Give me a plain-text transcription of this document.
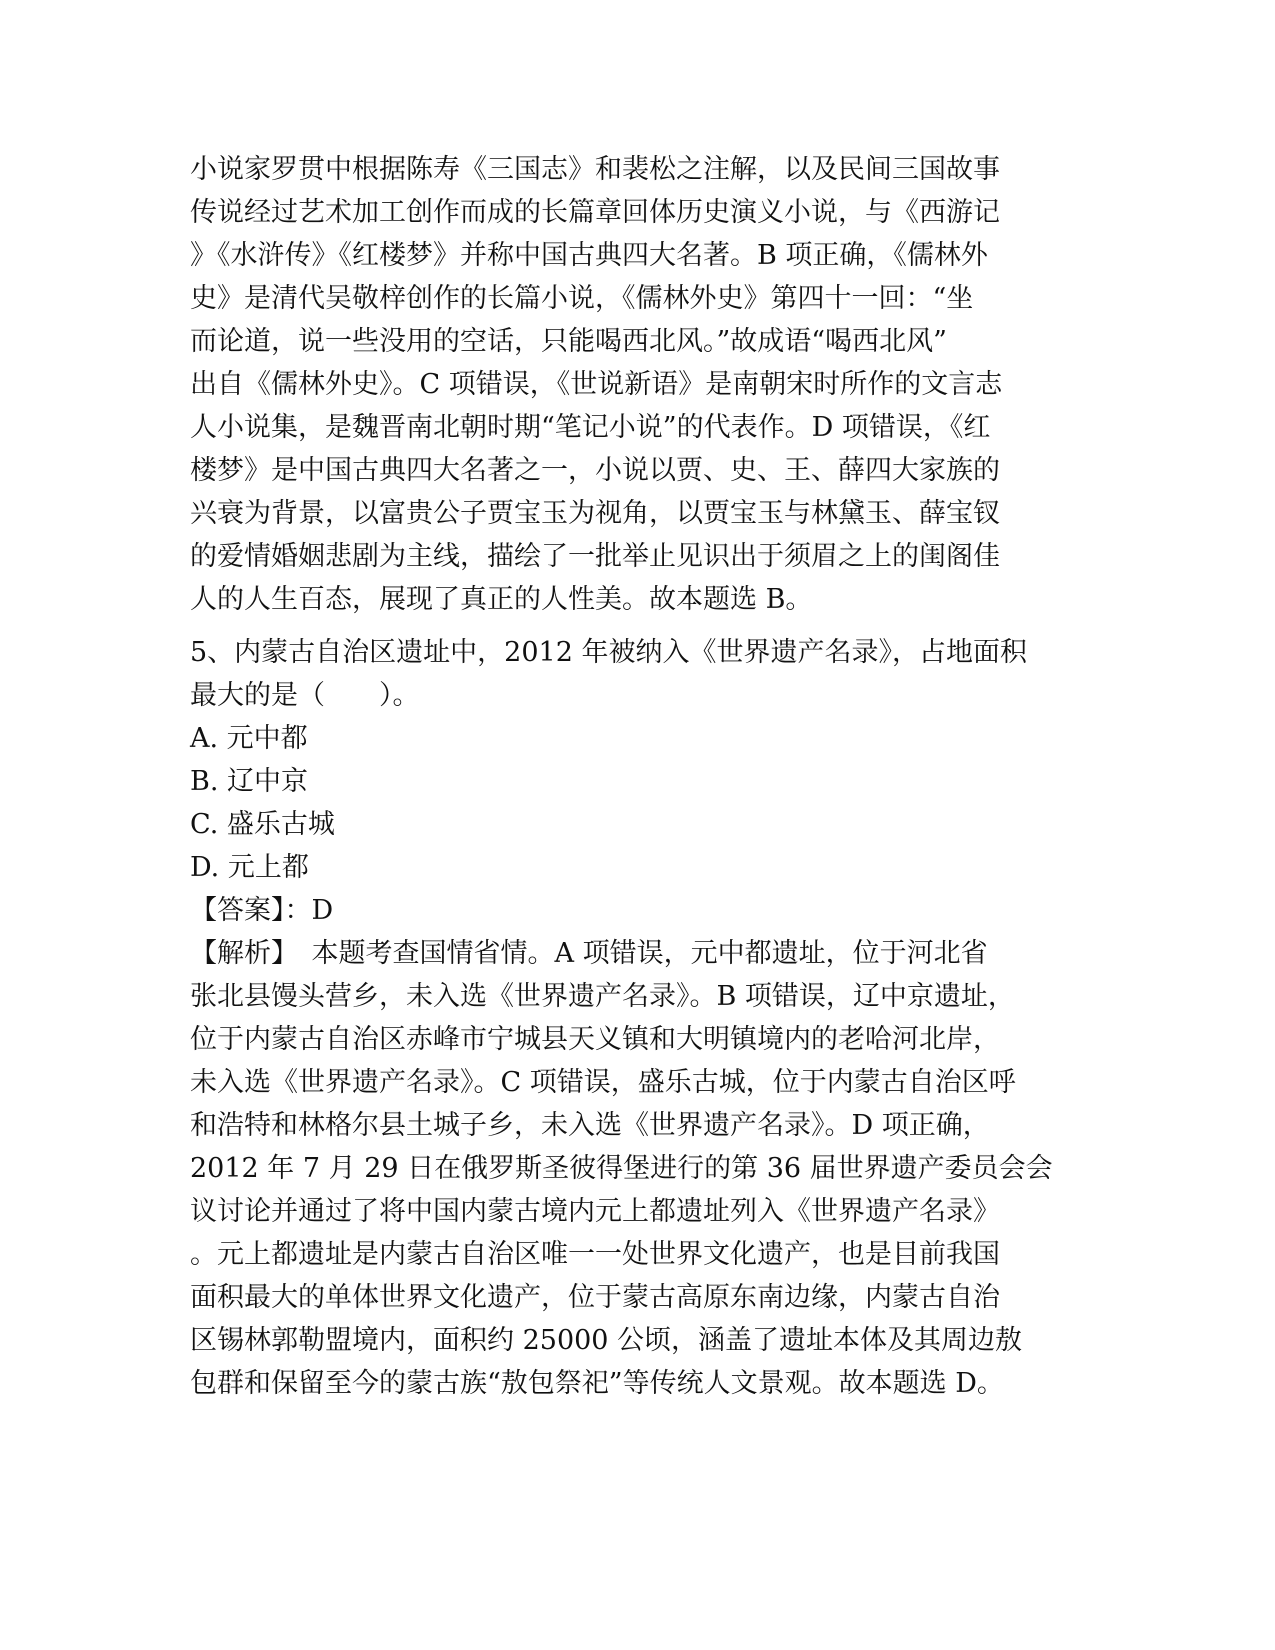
小说家罗贯中根据陈寿《三国志》和裴松之注解，以及民间三国故事
传说经过艺术加工创作而成的长篇章回体历史演义小说，与《西游记
》《水浒传》《红楼梦》并称中国古典四大名著。B 项正确，《儒林外
史》是清代吴敬梓创作的长篇小说，《儒林外史》第四十一回：“坐
而论道，说一些没用的空话，只能喝西北风。”故成语“喝西北风”
出自《儒林外史》。C 项错误，《世说新语》是南朝宋时所作的文言志
人小说集，是魏晋南北朝时期“笔记小说”的代表作。D 项错误，《红
楼梦》是中国古典四大名著之一，小说以贾、史、王、薛四大家族的
兴衰为背景，以富贵公子贾宝玉为视角，以贾宝玉与林黛玉、薛宝钗
的爱情婚姻悲剧为主线，描绘了一批举止见识出于须眉之上的闺阁佳
人的人生百态，展现了真正的人性美。故本题选 B。
5、内蒙古自治区遗址中，2012 年被纳入《世界遗产名录》，占地面积
最大的是（　　）。
A. 元中都
B. 辽中京
C. 盛乐古城
D. 元上都
【答案】：D
【解析】　本题考查国情省情。A 项错误，元中都遗址，位于河北省
张北县馒头营乡，未入选《世界遗产名录》。B 项错误，辽中京遗址，
位于内蒙古自治区赤峰市宁城县天义镇和大明镇境内的老哈河北岸，
未入选《世界遗产名录》。C 项错误，盛乐古城，位于内蒙古自治区呼
和浩特和林格尔县土城子乡，未入选《世界遗产名录》。D 项正确，
2012 年 7 月 29 日在俄罗斯圣彼得堡进行的第 36 届世界遗产委员会会
议讨论并通过了将中国内蒙古境内元上都遗址列入《世界遗产名录》
。元上都遗址是内蒙古自治区唯一一处世界文化遗产，也是目前我国
面积最大的单体世界文化遗产，位于蒙古高原东南边缘，内蒙古自治
区锡林郭勒盟境内，面积约 25000 公顷，涵盖了遗址本体及其周边敖
包群和保留至今的蒙古族“敖包祭祀”等传统人文景观。故本题选 D。
